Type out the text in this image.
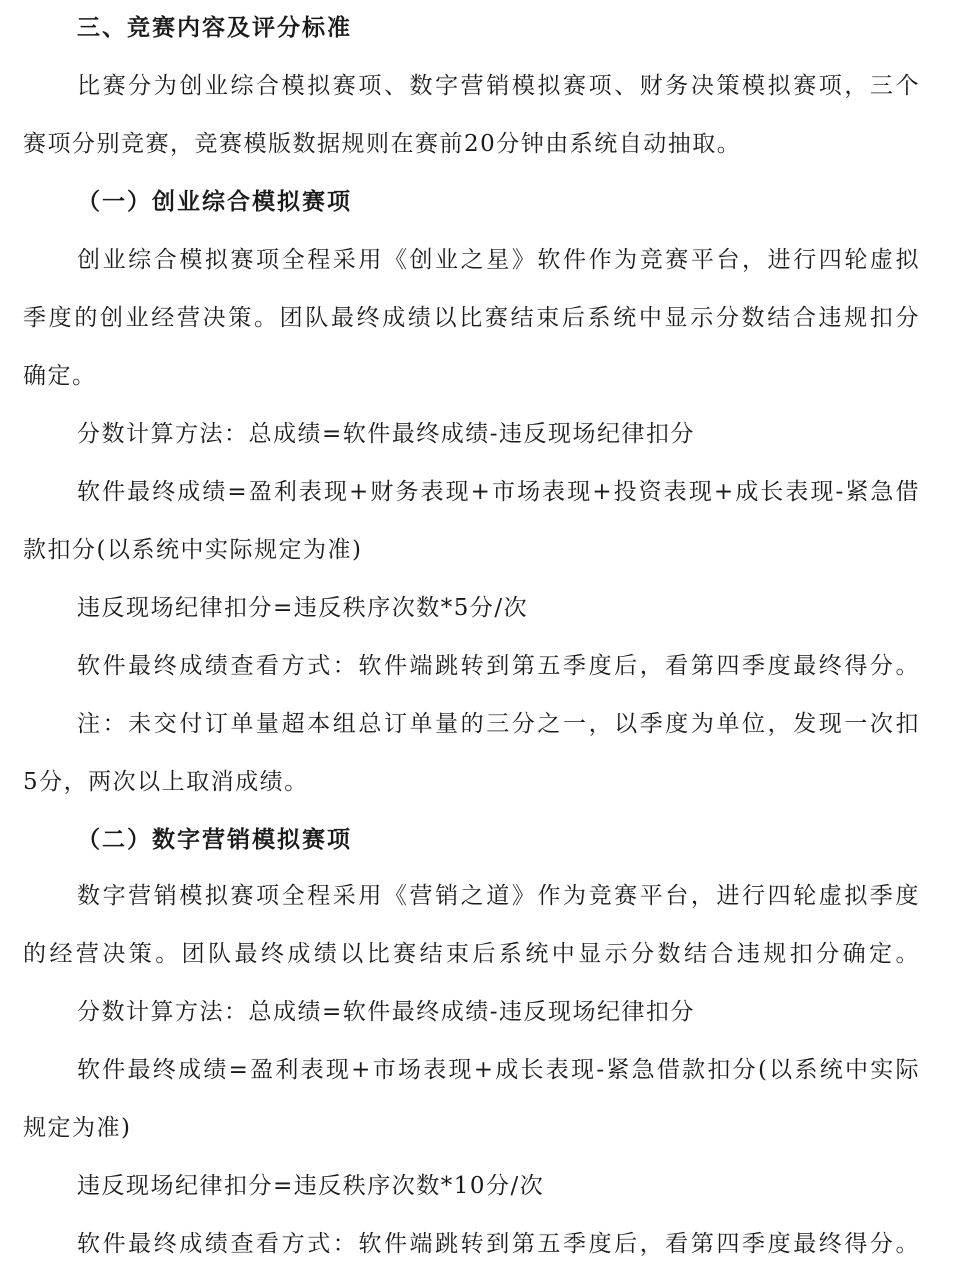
三、竞赛内容及评分标准
比赛分为创业综合模拟赛项、数字营销模拟赛项、财务决策模拟赛项，三个
赛项分别竞赛，竞赛模版数据规则在赛前20分钟由系统自动抽取。
（一）创业综合模拟赛项
创业综合模拟赛项全程采用《创业之星》软件作为竞赛平台，进行四轮虚拟
季度的创业经营决策。团队最终成绩以比赛结束后系统中显示分数结合违规扣分
确定。
分数计算方法：总成绩=软件最终成绩-违反现场纪律扣分
软件最终成绩=盈利表现+财务表现+市场表现+投资表现+成长表现-紧急借
款扣分(以系统中实际规定为准)
违反现场纪律扣分=违反秩序次数*5分/次
软件最终成绩查看方式：软件端跳转到第五季度后，看第四季度最终得分。
注：未交付订单量超本组总订单量的三分之一，以季度为单位，发现一次扣
5分，两次以上取消成绩。
（二）数字营销模拟赛项
数字营销模拟赛项全程采用《营销之道》作为竞赛平台，进行四轮虚拟季度
的经营决策。团队最终成绩以比赛结束后系统中显示分数结合违规扣分确定。
分数计算方法：总成绩=软件最终成绩-违反现场纪律扣分
软件最终成绩=盈利表现+市场表现+成长表现-紧急借款扣分(以系统中实际
规定为准)
违反现场纪律扣分=违反秩序次数*10分/次
软件最终成绩查看方式：软件端跳转到第五季度后，看第四季度最终得分。
